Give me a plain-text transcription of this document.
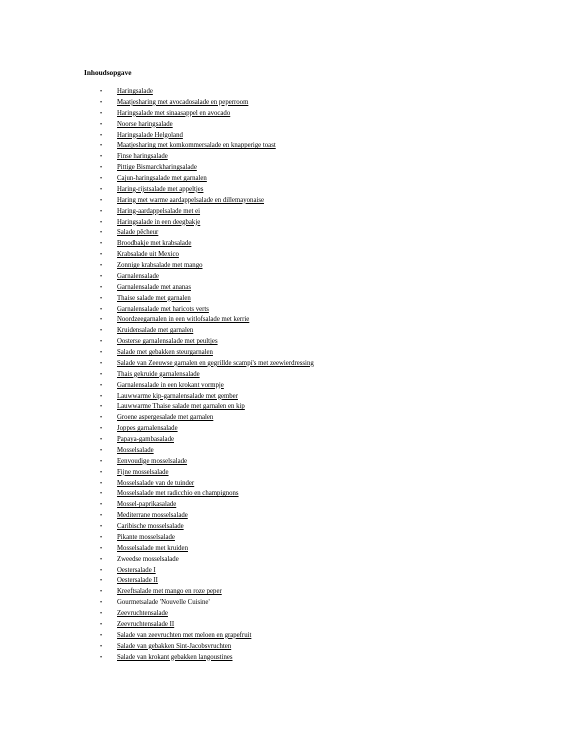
Inhoudsopgave
• Haringsalade
• Maatjesharing met avocadosalade en peperroom
• Haringsalade met sinaasappel en avocado
• Noorse haringsalade
• Haringsalade Helgoland
• Maatjesharing met komkommersalade en knapperige toast
• Finse haringsalade
• Pittige Bismarckharingsalade
• Cajun-haringsalade met garnalen
• Haring-rijstsalade met appeltjes
• Haring met warme aardappelsalade en dillemayonaise
• Haring-aardappelsalade met ei
• Haringsalade in een deegbakje
• Salade pêcheur
• Broodbakje met krabsalade
• Krabsalade uit Mexico
• Zonnige krabsalade met mango
• Garnalensalade
• Garnalensalade met ananas
• Thaise salade met garnalen
• Garnalensalade met haricots verts
• Noordzeegarnalen in een witlofsalade met kerrie
• Kruidensalade met garnalen
• Oosterse garnalensalade met peultjes
• Salade met gebakken steurgarnalen
• Salade van Zeeuwse garnalen en gegrillde scampi's met zeewierdressing
• Thais gekruide garnalensalade
• Garnalensalade in een krokant vormpje
• Lauwwarme kip-garnalensalade met gember
• Lauwwarme Thaise salade met garnalen en kip
• Groene aspergesalade met garnalen
• Joppes garnalensalade
• Papaya-gambasalade
• Mosselsalade
• Eenvoudige mosselsalade
• Fijne mosselsalade
• Mosselsalade van de tuinder
• Mosselsalade met radicchio en champignons
• Mossel-paprikasalade
• Mediterrane mosselsalade
• Caribische mosselsalade
• Pikante mosselsalade
• Mosselsalade met kruiden
• Zweedse mosselsalade
• Oestersalade I
• Oestersalade II
• Kreeftsalade met mango en roze peper
• Gourmetsalade 'Nouvelle Cuisine'
• Zeevruchtensalade
• Zeevruchtensalade II
• Salade van zeevruchten met meloen en grapefruit
• Salade van gebakken Sint-Jacobsvruchten
• Salade van krokant gebakken langoustines
